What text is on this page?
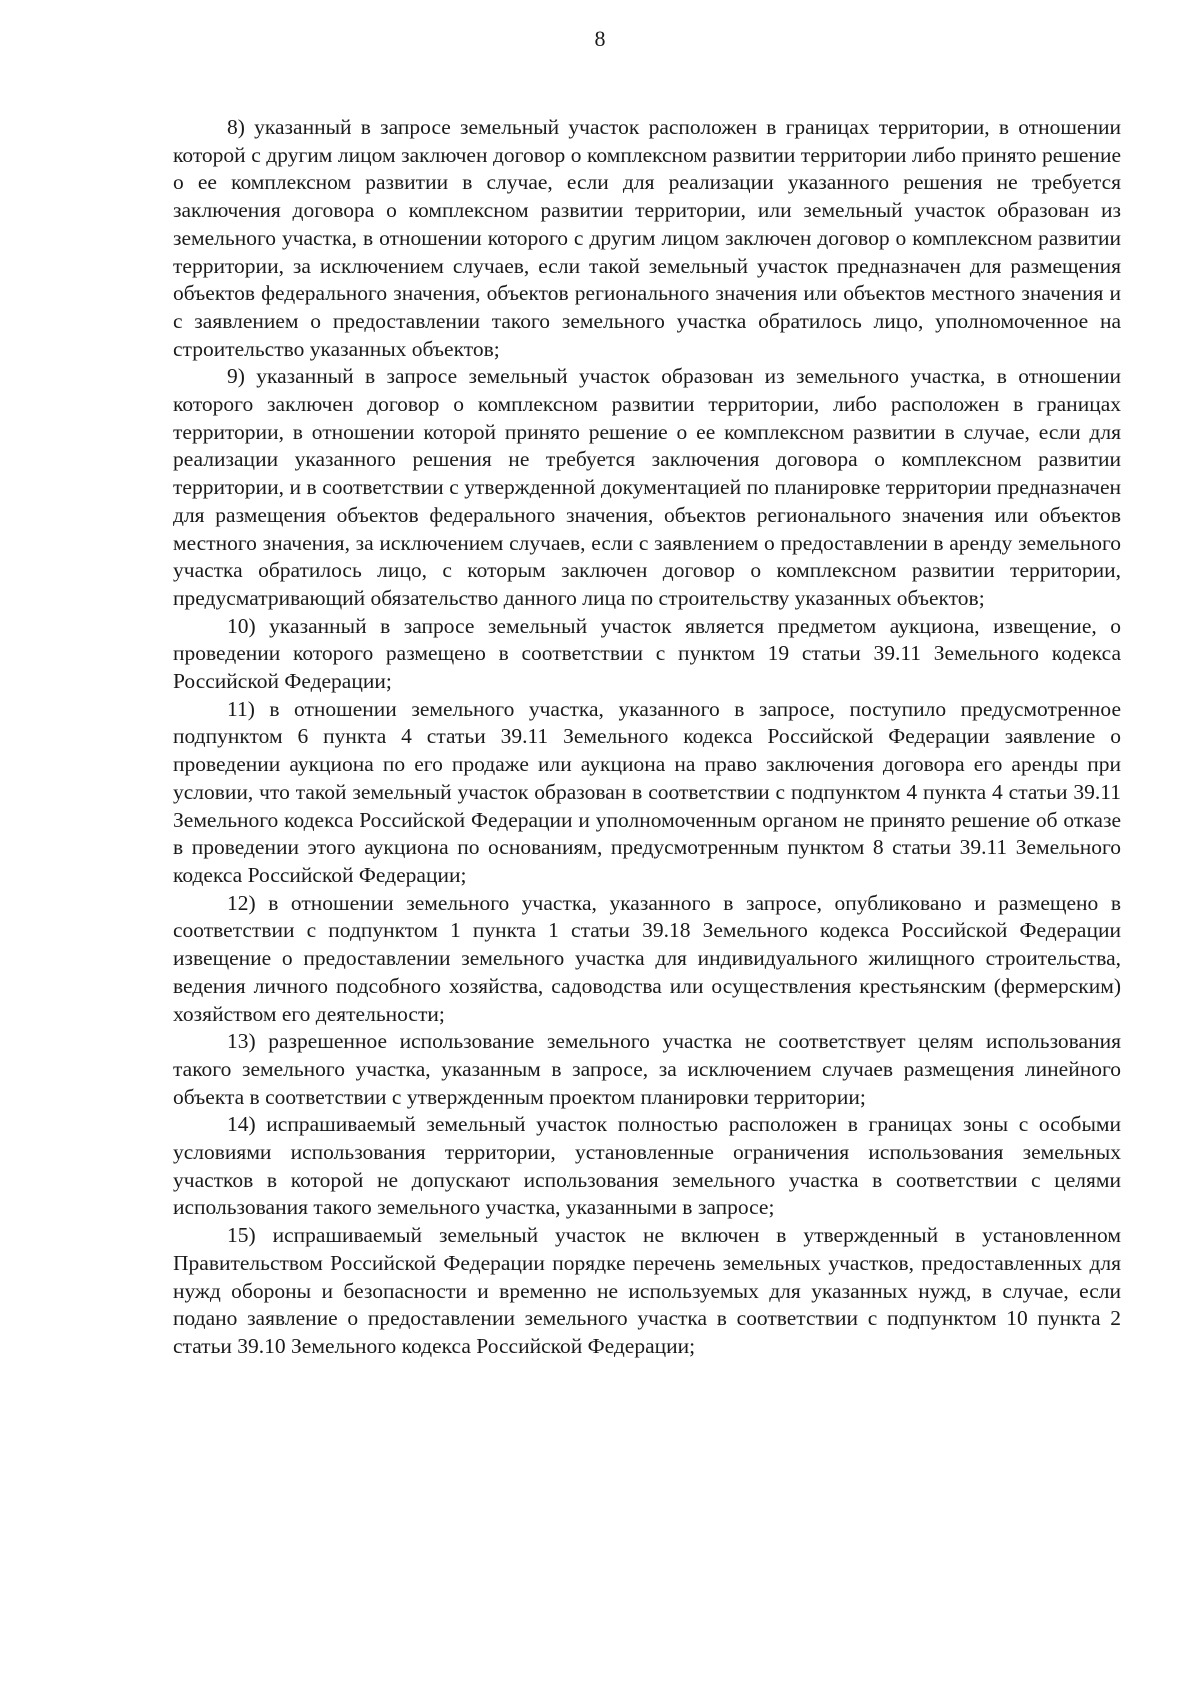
8

8) указанный в запросе земельный участок расположен в границах территории, в отношении которой с другим лицом заключен договор о комплексном развитии территории либо принято решение о ее комплексном развитии в случае, если для реализации указанного решения не требуется заключения договора о комплексном развитии территории, или земельный участок образован из земельного участка, в отношении которого с другим лицом заключен договор о комплексном развитии территории, за исключением случаев, если такой земельный участок предназначен для размещения объектов федерального значения, объектов регионального значения или объектов местного значения и с заявлением о предоставлении такого земельного участка обратилось лицо, уполномоченное на строительство указанных объектов;

9) указанный в запросе земельный участок образован из земельного участка, в отношении которого заключен договор о комплексном развитии территории, либо расположен в границах территории, в отношении которой принято решение о ее комплексном развитии в случае, если для реализации указанного решения не требуется заключения договора о комплексном развитии территории, и в соответствии с утвержденной документацией по планировке территории предназначен для размещения объектов федерального значения, объектов регионального значения или объектов местного значения, за исключением случаев, если с заявлением о предоставлении в аренду земельного участка обратилось лицо, с которым заключен договор о комплексном развитии территории, предусматривающий обязательство данного лица по строительству указанных объектов;

10) указанный в запросе земельный участок является предметом аукциона, извещение, о проведении которого размещено в соответствии с пунктом 19 статьи 39.11 Земельного кодекса Российской Федерации;

11) в отношении земельного участка, указанного в запросе, поступило предусмотренное подпунктом 6 пункта 4 статьи 39.11 Земельного кодекса Российской Федерации заявление о проведении аукциона по его продаже или аукциона на право заключения договора его аренды при условии, что такой земельный участок образован в соответствии с подпунктом 4 пункта 4 статьи 39.11 Земельного кодекса Российской Федерации и уполномоченным органом не принято решение об отказе в проведении этого аукциона по основаниям, предусмотренным пунктом 8 статьи 39.11 Земельного кодекса Российской Федерации;

12) в отношении земельного участка, указанного в запросе, опубликовано и размещено в соответствии с подпунктом 1 пункта 1 статьи 39.18 Земельного кодекса Российской Федерации извещение о предоставлении земельного участка для индивидуального жилищного строительства, ведения личного подсобного хозяйства, садоводства или осуществления крестьянским (фермерским) хозяйством его деятельности;

13) разрешенное использование земельного участка не соответствует целям использования такого земельного участка, указанным в запросе, за исключением случаев размещения линейного объекта в соответствии с утвержденным проектом планировки территории;

14) испрашиваемый земельный участок полностью расположен в границах зоны с особыми условиями использования территории, установленные ограничения использования земельных участков в которой не допускают использования земельного участка в соответствии с целями использования такого земельного участка, указанными в запросе;

15) испрашиваемый земельный участок не включен в утвержденный в установленном Правительством Российской Федерации порядке перечень земельных участков, предоставленных для нужд обороны и безопасности и временно не используемых для указанных нужд, в случае, если подано заявление о предоставлении земельного участка в соответствии с подпунктом 10 пункта 2 статьи 39.10 Земельного кодекса Российской Федерации;
